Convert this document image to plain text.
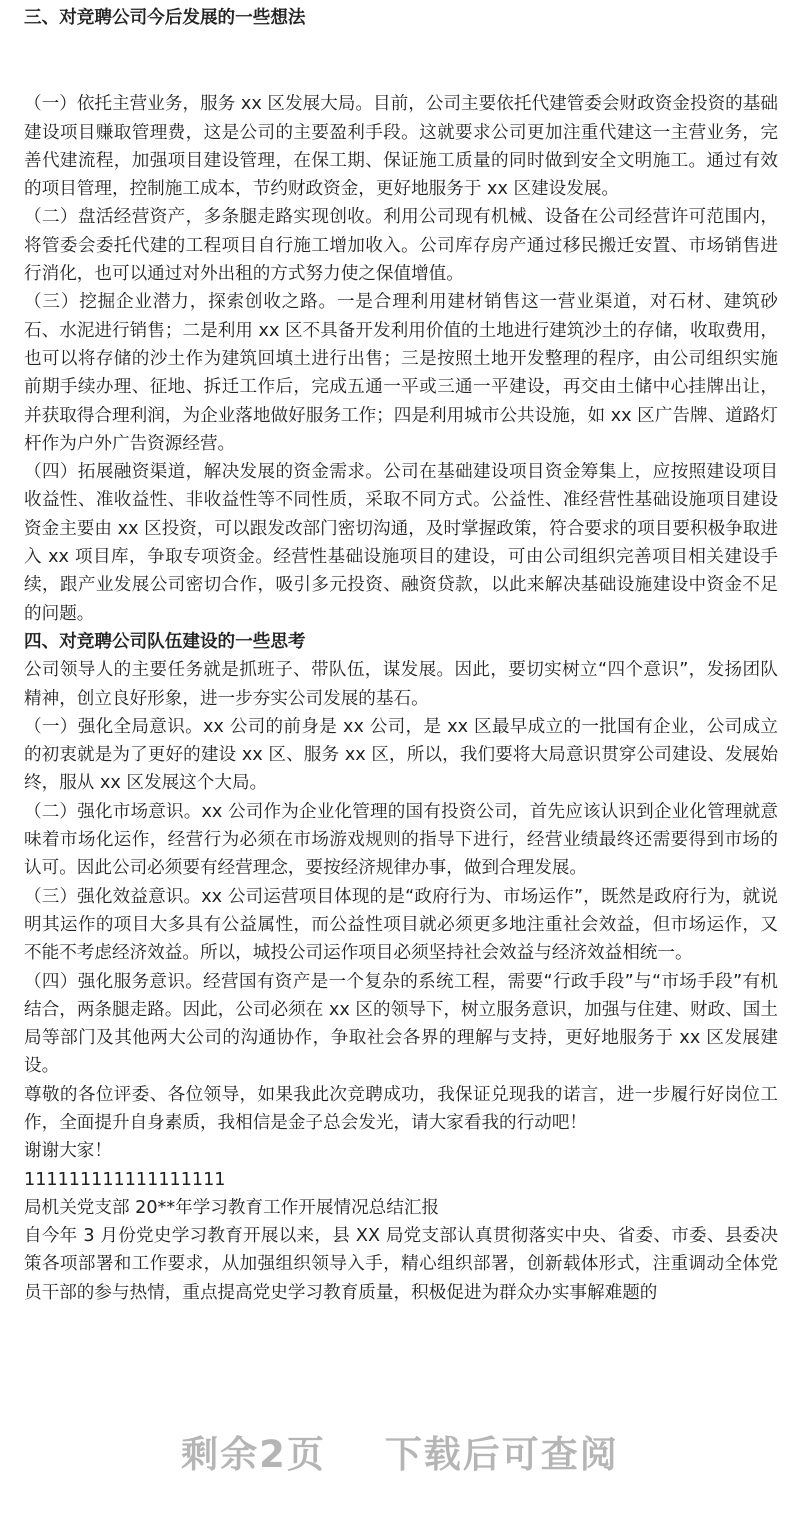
三、对竞聘公司今后发展的一些想法

（一）依托主营业务，服务 xx 区发展大局。目前，公司主要依托代建管委会财政资金投资的基础建设项目赚取管理费，这是公司的主要盈利手段。这就要求公司更加注重代建这一主营业务，完善代建流程，加强项目建设管理，在保工期、保证施工质量的同时做到安全文明施工。通过有效的项目管理，控制施工成本，节约财政资金，更好地服务于 xx 区建设发展。

（二）盘活经营资产，多条腿走路实现创收。利用公司现有机械、设备在公司经营许可范围内，将管委会委托代建的工程项目自行施工增加收入。公司库存房产通过移民搬迁安置、市场销售进行消化，也可以通过对外出租的方式努力使之保值增值。

（三）挖掘企业潜力，探索创收之路。一是合理利用建材销售这一营业渠道，对石材、建筑砂石、水泥进行销售；二是利用 xx 区不具备开发利用价值的土地进行建筑沙土的存储，收取费用，也可以将存储的沙土作为建筑回填土进行出售；三是按照土地开发整理的程序，由公司组织实施前期手续办理、征地、拆迁工作后，完成五通一平或三通一平建设，再交由土储中心挂牌出让，并获取得合理利润，为企业落地做好服务工作；四是利用城市公共设施，如 xx 区广告牌、道路灯杆作为户外广告资源经营。

（四）拓展融资渠道，解决发展的资金需求。公司在基础建设项目资金筹集上，应按照建设项目收益性、准收益性、非收益性等不同性质，采取不同方式。公益性、准经营性基础设施项目建设资金主要由 xx 区投资，可以跟发改部门密切沟通，及时掌握政策，符合要求的项目要积极争取进入 xx 项目库，争取专项资金。经营性基础设施项目的建设，可由公司组织完善项目相关建设手续，跟产业发展公司密切合作，吸引多元投资、融资贷款，以此来解决基础设施建设中资金不足的问题。

四、对竞聘公司队伍建设的一些思考

公司领导人的主要任务就是抓班子、带队伍，谋发展。因此，要切实树立“四个意识”，发扬团队精神，创立良好形象，进一步夯实公司发展的基石。

（一）强化全局意识。xx 公司的前身是 xx 公司，是 xx 区最早成立的一批国有企业，公司成立的初衷就是为了更好的建设 xx 区、服务 xx 区，所以，我们要将大局意识贯穿公司建设、发展始终，服从 xx 区发展这个大局。

（二）强化市场意识。xx 公司作为企业化管理的国有投资公司，首先应该认识到企业化管理就意味着市场化运作，经营行为必须在市场游戏规则的指导下进行，经营业绩最终还需要得到市场的认可。因此公司必须要有经营理念，要按经济规律办事，做到合理发展。

（三）强化效益意识。xx 公司运营项目体现的是“政府行为、市场运作”，既然是政府行为，就说明其运作的项目大多具有公益属性，而公益性项目就必须更多地注重社会效益，但市场运作，又不能不考虑经济效益。所以，城投公司运作项目必须坚持社会效益与经济效益相统一。

（四）强化服务意识。经营国有资产是一个复杂的系统工程，需要“行政手段”与“市场手段”有机结合，两条腿走路。因此，公司必须在 xx 区的领导下，树立服务意识，加强与住建、财政、国土局等部门及其他两大公司的沟通协作，争取社会各界的理解与支持，更好地服务于 xx 区发展建设。

尊敬的各位评委、各位领导，如果我此次竞聘成功，我保证兑现我的诺言，进一步履行好岗位工作，全面提升自身素质，我相信是金子总会发光，请大家看我的行动吧！

谢谢大家！

111111111111111111

局机关党支部 20**年学习教育工作开展情况总结汇报

自今年 3 月份党史学习教育开展以来，县 XX 局党支部认真贯彻落实中央、省委、市委、县委决策各项部署和工作要求，从加强组织领导入手，精心组织部署，创新载体形式，注重调动全体党员干部的参与热情，重点提高党史学习教育质量，积极促进为群众办实事解难题的

剩余2页 下载后可查阅
